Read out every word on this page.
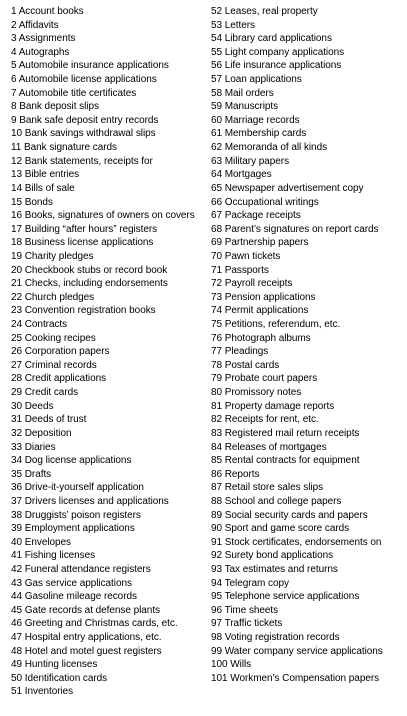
1 Account books
2 Affidavits
3 Assignments
4 Autographs
5 Automobile insurance applications
6 Automobile license applications
7 Automobile title certificates
8 Bank deposit slips
9 Bank safe deposit entry records
10 Bank savings withdrawal slips
11 Bank signature cards
12 Bank statements, receipts for
13 Bible entries
14 Bills of sale
15 Bonds
16 Books, signatures of owners on covers
17 Building “after hours” registers
18 Business license applications
19 Charity pledges
20 Checkbook stubs or record book
21 Checks, including endorsements
22 Church pledges
23 Convention registration books
24 Contracts
25 Cooking recipes
26 Corporation papers
27 Criminal records
28 Credit applications
29 Credit cards
30 Deeds
31 Deeds of trust
32 Deposition
33 Diaries
34 Dog license applications
35 Drafts
36 Drive-it-yourself application
37 Drivers licenses and applications
38 Druggists’ poison registers
39 Employment applications
40 Envelopes
41 Fishing licenses
42 Funeral attendance registers
43 Gas service applications
44 Gasoline mileage records
45 Gate records at defense plants
46 Greeting and Christmas cards, etc.
47 Hospital entry applications, etc.
48 Hotel and motel guest registers
49 Hunting licenses
50 Identification cards
51 Inventories
52 Leases, real property
53 Letters
54 Library card applications
55 Light company applications
56 Life insurance applications
57 Loan applications
58 Mail orders
59 Manuscripts
60 Marriage records
61 Membership cards
62 Memoranda of all kinds
63 Military papers
64 Mortgages
65 Newspaper advertisement copy
66 Occupational writings
67 Package receipts
68 Parent’s signatures on report cards
69 Partnership papers
70 Pawn tickets
71 Passports
72 Payroll receipts
73 Pension applications
74 Permit applications
75 Petitions, referendum, etc.
76 Photograph albums
77 Pleadings
78 Postal cards
79 Probate court papers
80 Promissory notes
81 Property damage reports
82 Receipts for rent, etc.
83 Registered mail return receipts
84 Releases of mortgages
85 Rental contracts for equipment
86 Reports
87 Retail store sales slips
88 School and college papers
89 Social security cards and papers
90 Sport and game score cards
91 Stock certificates, endorsements on
92 Surety bond applications
93 Tax estimates and returns
94 Telegram copy
95 Telephone service applications
96 Time sheets
97 Traffic tickets
98 Voting registration records
99 Water company service applications
100 Wills
101 Workmen’s Compensation papers
